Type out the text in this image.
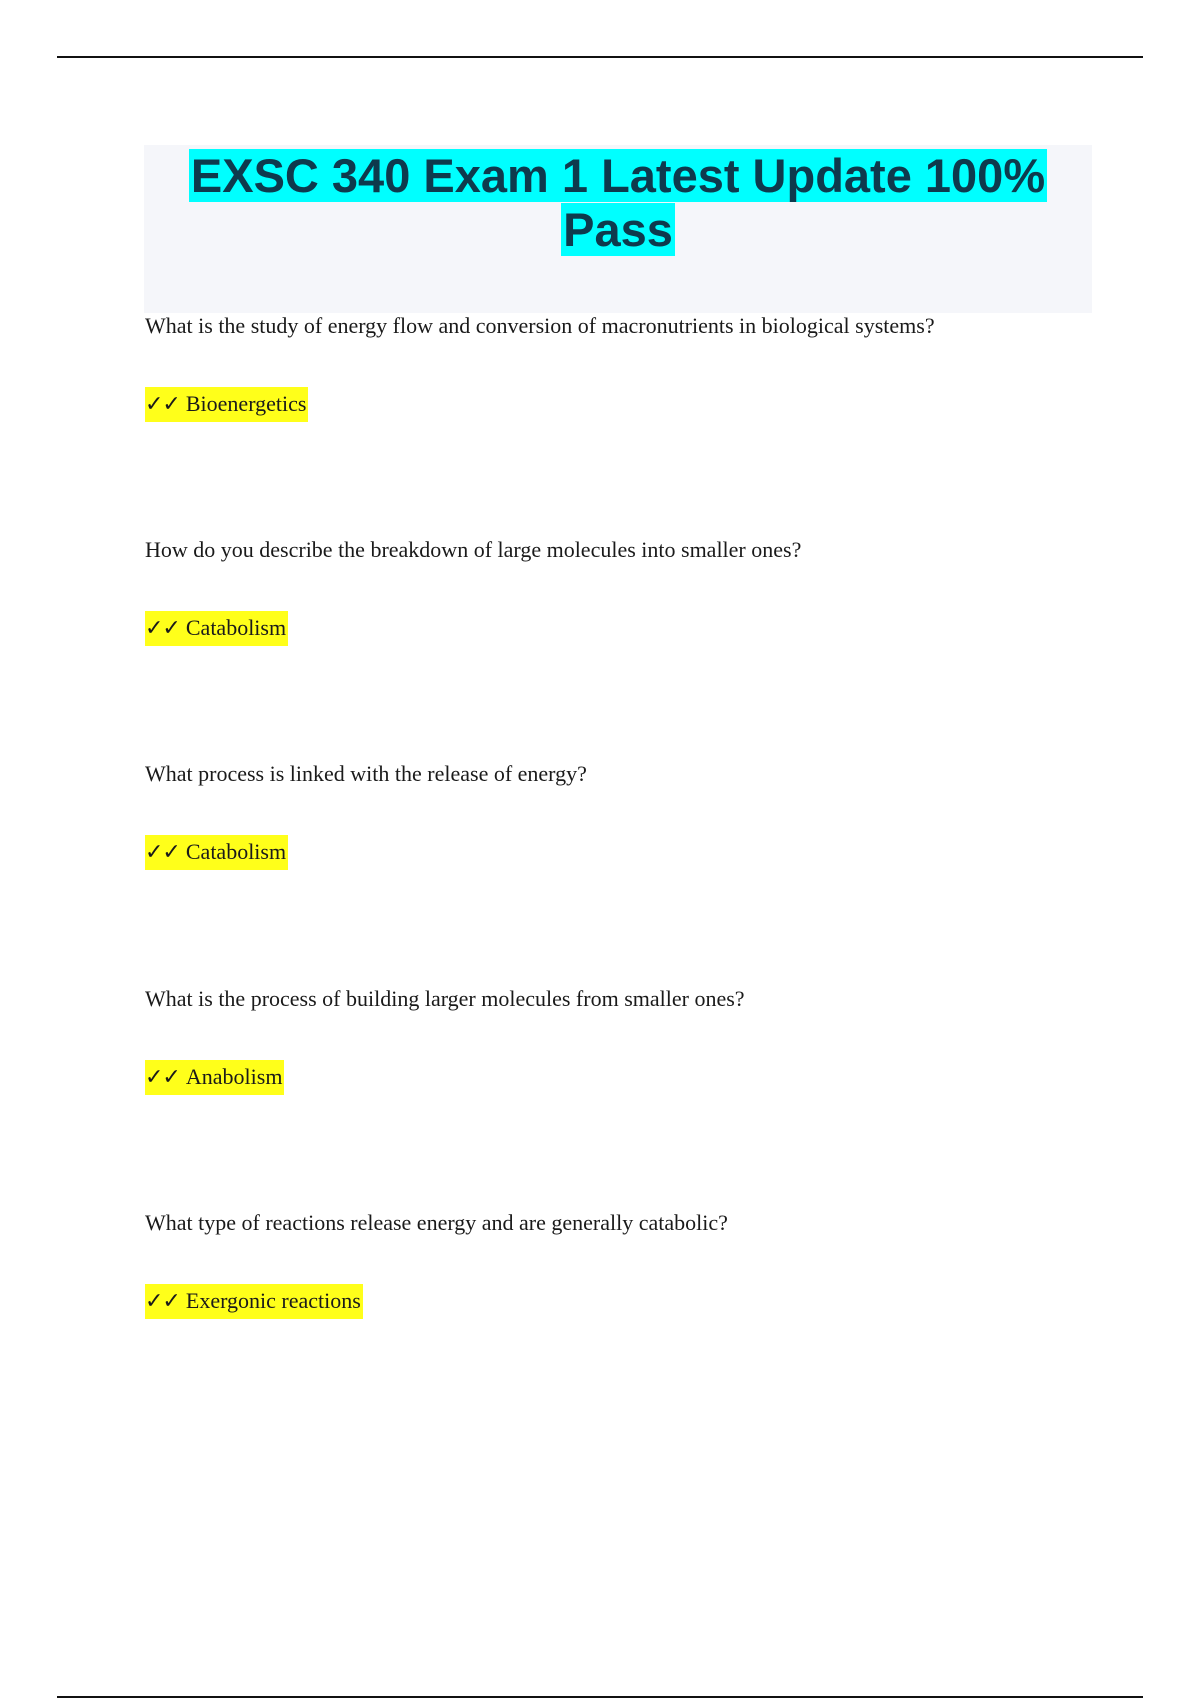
EXSC 340 Exam 1 Latest Update 100% Pass

What is the study of energy flow and conversion of macronutrients in biological systems?

✓✓ Bioenergetics

How do you describe the breakdown of large molecules into smaller ones?

✓✓ Catabolism

What process is linked with the release of energy?

✓✓ Catabolism

What is the process of building larger molecules from smaller ones?

✓✓ Anabolism

What type of reactions release energy and are generally catabolic?

✓✓ Exergonic reactions
